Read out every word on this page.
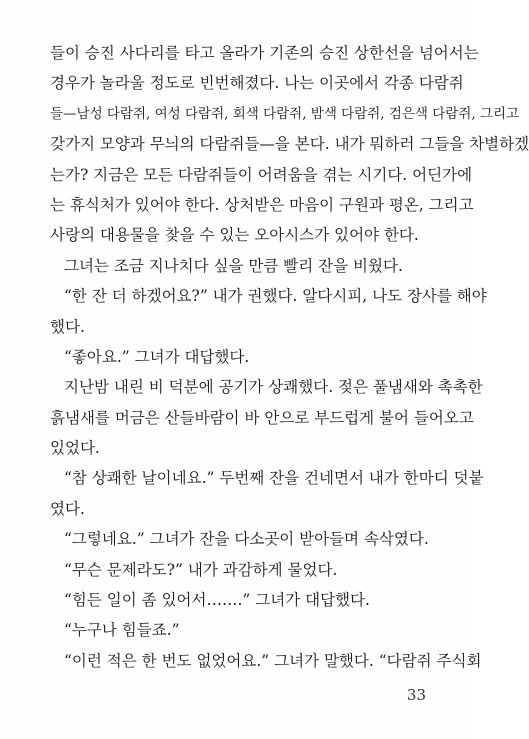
들이 승진 사다리를 타고 올라가 기존의 승진 상한선을 넘어서는
경우가 놀라울 정도로 빈번해졌다. 나는 이곳에서 각종 다람쥐
들—남성 다람쥐, 여성 다람쥐, 회색 다람쥐, 밤색 다람쥐, 검은색 다람쥐, 그리고
갖가지 모양과 무늬의 다람쥐들—을 본다. 내가 뭐하러 그들을 차별하겠
는가? 지금은 모든 다람쥐들이 어려움을 겪는 시기다. 어딘가에
는 휴식처가 있어야 한다. 상처받은 마음이 구원과 평온, 그리고
사랑의 대용물을 찾을 수 있는 오아시스가 있어야 한다.
그녀는 조금 지나치다 싶을 만큼 빨리 잔을 비웠다.
“한 잔 더 하겠어요?” 내가 권했다. 알다시피, 나도 장사를 해야
했다.
“좋아요.” 그녀가 대답했다.
지난밤 내린 비 덕분에 공기가 상쾌했다. 젖은 풀냄새와 촉촉한
흙냄새를 머금은 산들바람이 바 안으로 부드럽게 불어 들어오고
있었다.
“참 상쾌한 날이네요.” 두번째 잔을 건네면서 내가 한마디 덧붙
였다.
“그렇네요.” 그녀가 잔을 다소곳이 받아들며 속삭였다.
“무슨 문제라도?” 내가 과감하게 물었다.
“힘든 일이 좀 있어서…….” 그녀가 대답했다.
“누구나 힘들죠.”
“이런 적은 한 번도 없었어요.” 그녀가 말했다. “다람쥐 주식회
33
